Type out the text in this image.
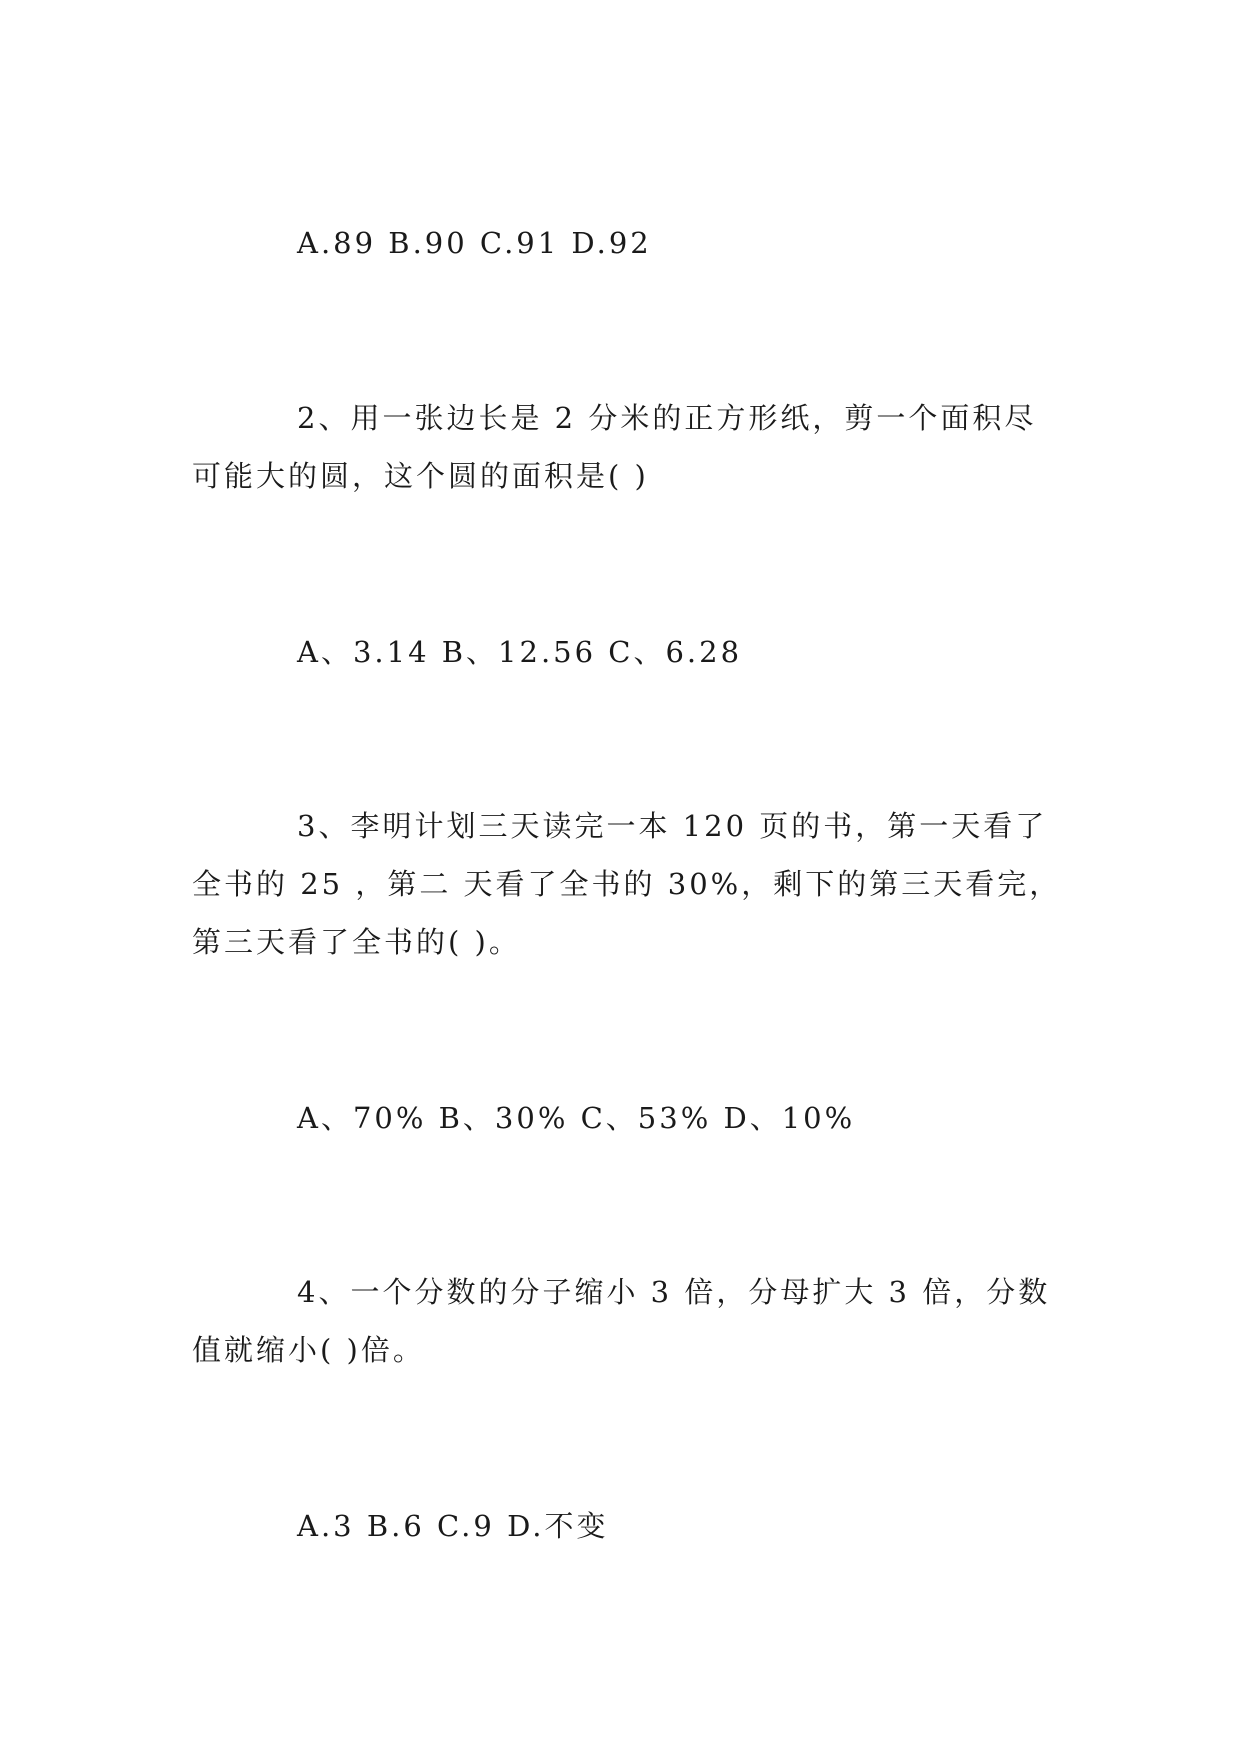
A.89 B.90 C.91 D.92

2、用一张边长是 2 分米的正方形纸，剪一个面积尽

可能大的圆，这个圆的面积是( )

A、3.14 B、12.56 C、6.28

3、李明计划三天读完一本 120 页的书，第一天看了

全书的 25 ，第二 天看了全书的 30%，剩下的第三天看完，

第三天看了全书的( )。

A、70% B、30% C、53% D、10%

4、一个分数的分子缩小 3 倍，分母扩大 3 倍，分数

值就缩小( )倍。

A.3 B.6 C.9 D.不变
